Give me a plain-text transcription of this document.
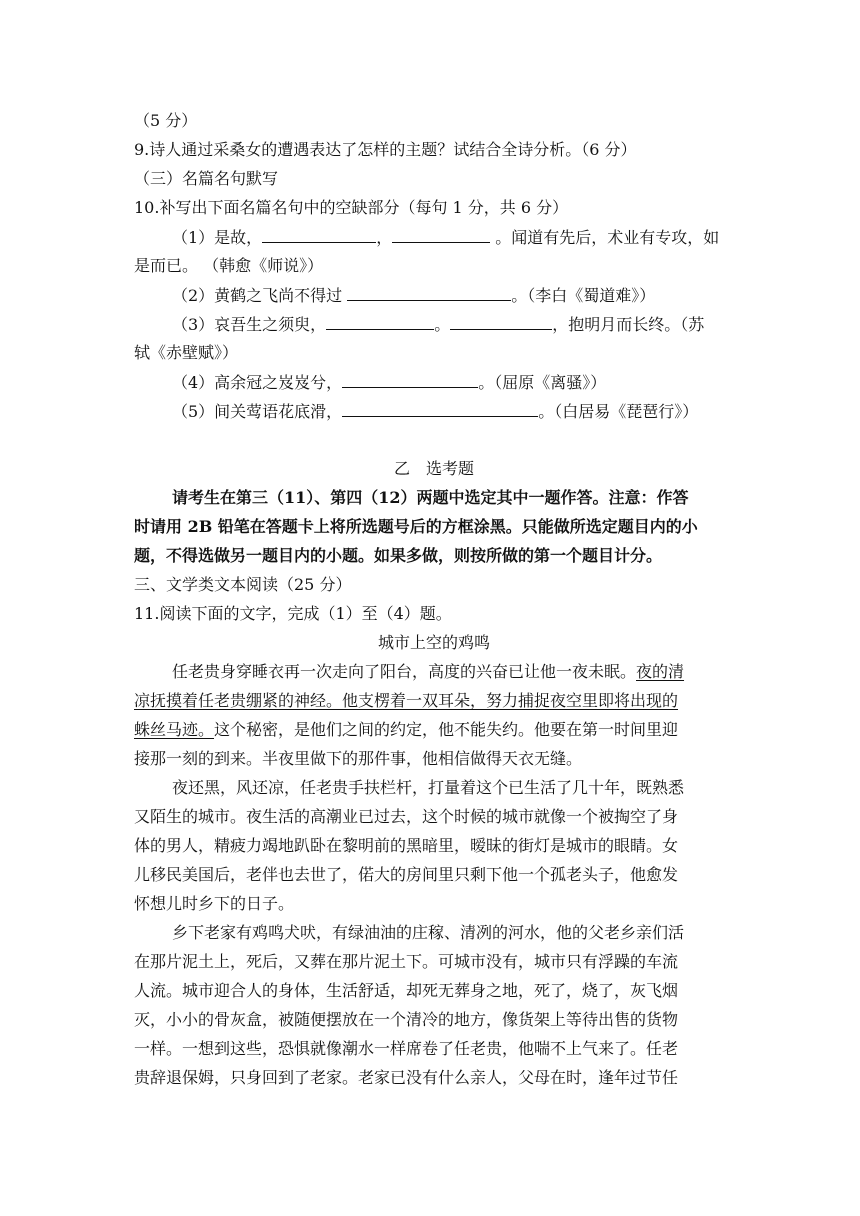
（5 分）
9.诗人通过采桑女的遭遇表达了怎样的主题？试结合全诗分析。（6 分）
（三）名篇名句默写
10.补写出下面名篇名句中的空缺部分（每句 1 分，共 6 分）
（1）是故，	，	。闻道有先后，术业有专攻，如
是而已。 （韩愈《师说》）
（2）黄鹤之飞尚不得过	。（李白《蜀道难》）
（3）哀吾生之须臾，	。	，抱明月而长终。（苏
轼《赤壁赋》）
（4）高余冠之岌岌兮，	。（屈原《离骚》）
（5）间关莺语花底滑，	。（白居易《琵琶行》）
乙　选考题
请考生在第三（11）、第四（12）两题中选定其中一题作答。注意：作答
时请用 2B 铅笔在答题卡上将所选题号后的方框涂黑。只能做所选定题目内的小
题，不得选做另一题目内的小题。如果多做，则按所做的第一个题目计分。
三、文学类文本阅读（25 分）
11.阅读下面的文字，完成（1）至（4）题。
城市上空的鸡鸣
任老贵身穿睡衣再一次走向了阳台，高度的兴奋已让他一夜未眠。夜的清
凉抚摸着任老贵绷紧的神经。他支楞着一双耳朵，努力捕捉夜空里即将出现的
蛛丝马迹。这个秘密，是他们之间的约定，他不能失约。他要在第一时间里迎
接那一刻的到来。半夜里做下的那件事，他相信做得天衣无缝。
夜还黑，风还凉，任老贵手扶栏杆，打量着这个已生活了几十年，既熟悉
又陌生的城市。夜生活的高潮业已过去，这个时候的城市就像一个被掏空了身
体的男人，精疲力竭地趴卧在黎明前的黑暗里，暧昧的街灯是城市的眼睛。女
儿移民美国后，老伴也去世了，偌大的房间里只剩下他一个孤老头子，他愈发
怀想儿时乡下的日子。
乡下老家有鸡鸣犬吠，有绿油油的庄稼、清冽的河水，他的父老乡亲们活
在那片泥土上，死后，又葬在那片泥土下。可城市没有，城市只有浮躁的车流
人流。城市迎合人的身体，生活舒适，却死无葬身之地，死了，烧了，灰飞烟
灭，小小的骨灰盒，被随便摆放在一个清冷的地方，像货架上等待出售的货物
一样。一想到这些，恐惧就像潮水一样席卷了任老贵，他喘不上气来了。任老
贵辞退保姆，只身回到了老家。老家已没有什么亲人，父母在时，逢年过节任
